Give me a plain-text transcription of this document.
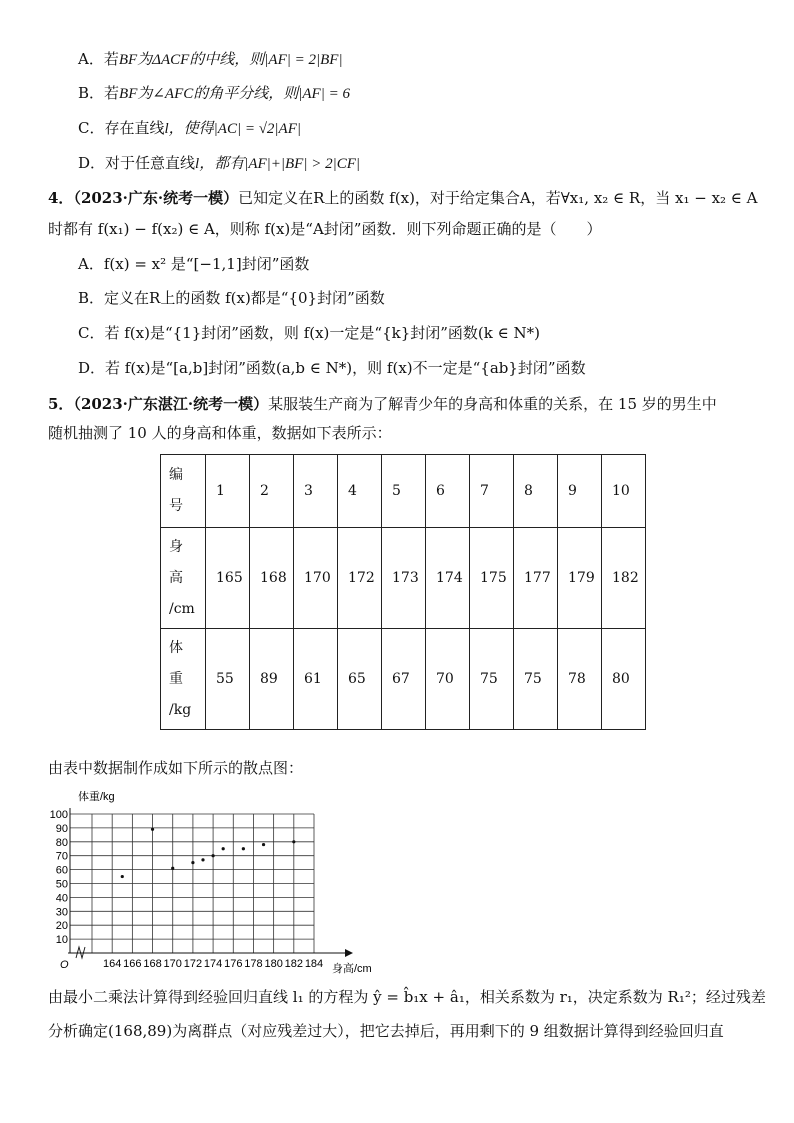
A．若BF为ΔACF的中线，则|AF| = 2|BF|
B．若BF为∠AFC的角平分线，则|AF| = 6
C．存在直线l，使得|AC| = √2|AF|
D．对于任意直线l，都有|AF|+|BF| > 2|CF|
4．（2023·广东·统考一模）已知定义在R上的函数 f(x)，对于给定集合A，若∀x₁, x₂ ∈ R，当 x₁ − x₂ ∈ A
时都有 f(x₁) − f(x₂) ∈ A，则称 f(x)是“A封闭”函数．则下列命题正确的是（　　）
A．f(x) = x² 是“[−1,1]封闭”函数
B．定义在R上的函数 f(x)都是“{0}封闭”函数
C．若 f(x)是“{1}封闭”函数，则 f(x)一定是“{k}封闭”函数(k ∈ N*)
D．若 f(x)是“[a,b]封闭”函数(a,b ∈ N*)，则 f(x)不一定是“{ab}封闭”函数
5．（2023·广东湛江·统考一模）某服装生产商为了解青少年的身高和体重的关系，在 15 岁的男生中
随机抽测了 10 人的身高和体重，数据如下表所示：
编
号	1	2	3	4	5	6	7	8	9	10

身
高
/cm	165	168	170	172	173	174	175	177	179	182

体
重
/kg	55	89	61	65	67	70	75	75	78	80
由表中数据制作成如下所示的散点图：
10
20
30
40
50
60
70
80
90
100
164 166 168 170 172 174 176 178 180 182 184
体重/kg
身高/cm
O
由最小二乘法计算得到经验回归直线 l₁ 的方程为 ŷ = b̂₁x + â₁，相关系数为 r₁，决定系数为 R₁²；经过残差
分析确定(168,89)为离群点（对应残差过大），把它去掉后，再用剩下的 9 组数据计算得到经验回归直
